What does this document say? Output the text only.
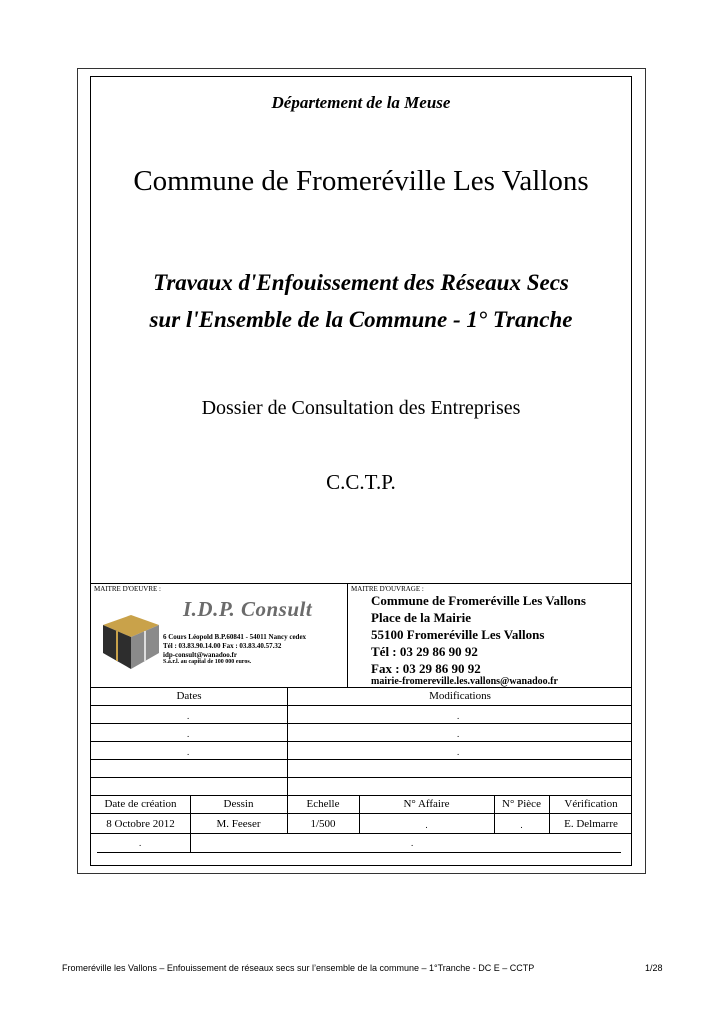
Département de la Meuse
Commune de Fromeréville Les Vallons
Travaux d'Enfouissement des Réseaux Secs
sur l'Ensemble de la Commune - 1° Tranche
Dossier de Consultation des Entreprises
C.C.T.P.
MAITRE D'OEUVRE :
I.D.P. Consult
6 Cours Léopold B.P.60841 - 54011 Nancy cedex
Tél : 03.83.90.14.00 Fax : 03.83.40.57.32
idp-consult@wanadoo.fr
S.à.r.l. au capital de 100 000 euros.
MAITRE D'OUVRAGE :
Commune de Fromeréville Les Vallons
Place de la Mairie
55100 Fromeréville Les Vallons
Tél : 03 29 86 90 92
Fax : 03 29 86 90 92
mairie-fromereville.les.vallons@wanadoo.fr
Dates	Modifications
.	.
.	.
.	.
Date de création	Dessin	Echelle	N° Affaire	N° Pièce	Vérification
8 Octobre 2012	M. Feeser	1/500	.	.	E. Delmarre
.	.
Fromeréville les Vallons – Enfouissement de réseaux secs sur l’ensemble de la commune – 1°Tranche - DC E – CCTP	1/28
